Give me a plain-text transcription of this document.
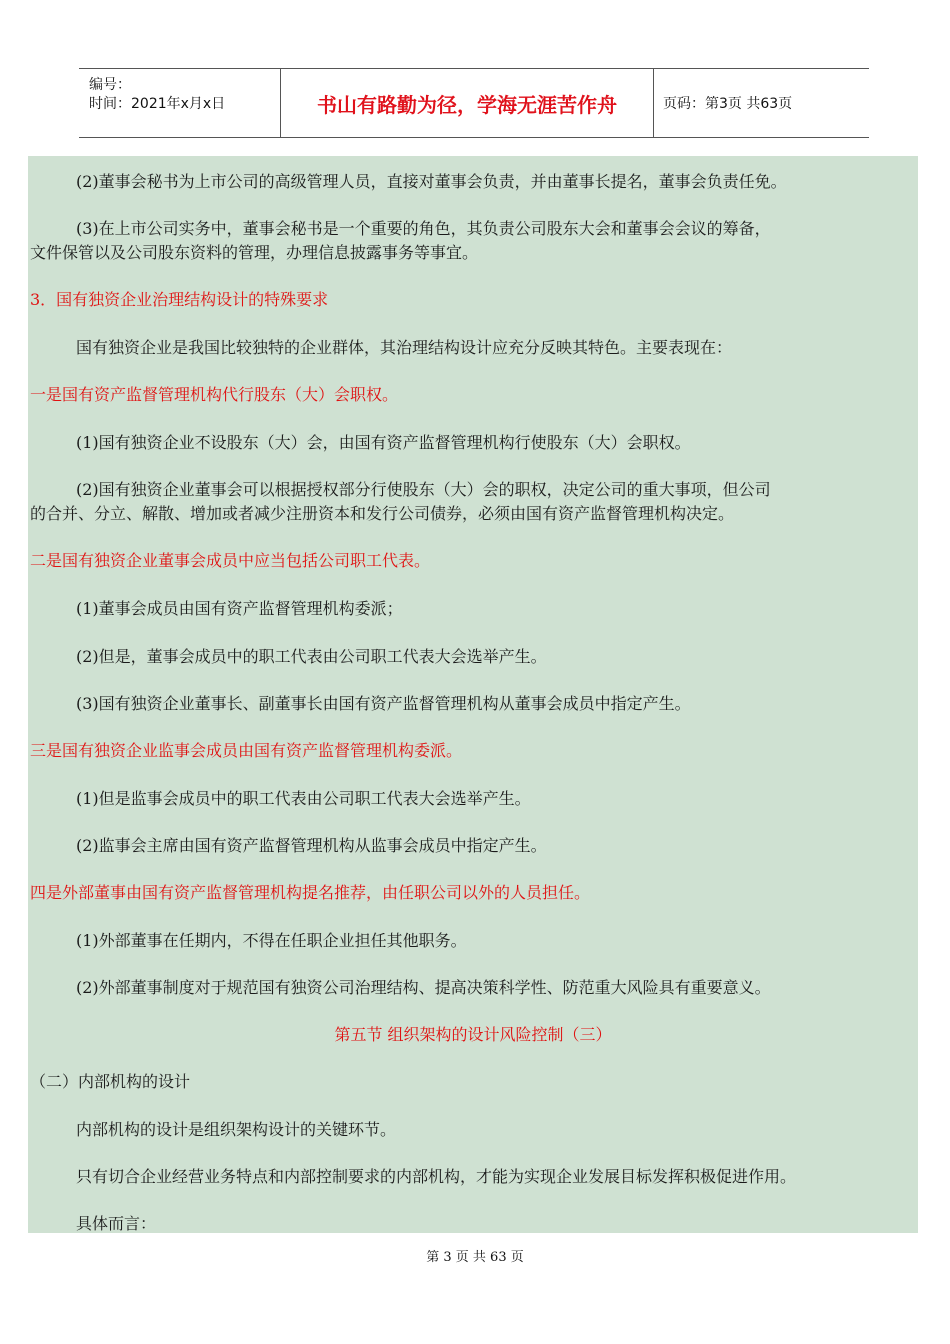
编号：
时间：2021年x月x日	书山有路勤为径，学海无涯苦作舟	页码：第3页 共63页
(2)董事会秘书为上市公司的高级管理人员，直接对董事会负责，并由董事长提名，董事会负责任免。
(3)在上市公司实务中，董事会秘书是一个重要的角色，其负责公司股东大会和董事会会议的筹备，
文件保管以及公司股东资料的管理，办理信息披露事务等事宜。
3．国有独资企业治理结构设计的特殊要求
国有独资企业是我国比较独特的企业群体，其治理结构设计应充分反映其特色。主要表现在：
一是国有资产监督管理机构代行股东（大）会职权。
(1)国有独资企业不设股东（大）会，由国有资产监督管理机构行使股东（大）会职权。
(2)国有独资企业董事会可以根据授权部分行使股东（大）会的职权，决定公司的重大事项，但公司
的合并、分立、解散、增加或者减少注册资本和发行公司债券，必须由国有资产监督管理机构决定。
二是国有独资企业董事会成员中应当包括公司职工代表。
(1)董事会成员由国有资产监督管理机构委派；
(2)但是，董事会成员中的职工代表由公司职工代表大会选举产生。
(3)国有独资企业董事长、副董事长由国有资产监督管理机构从董事会成员中指定产生。
三是国有独资企业监事会成员由国有资产监督管理机构委派。
(1)但是监事会成员中的职工代表由公司职工代表大会选举产生。
(2)监事会主席由国有资产监督管理机构从监事会成员中指定产生。
四是外部董事由国有资产监督管理机构提名推荐，由任职公司以外的人员担任。
(1)外部董事在任期内，不得在任职企业担任其他职务。
(2)外部董事制度对于规范国有独资公司治理结构、提高决策科学性、防范重大风险具有重要意义。
第五节 组织架构的设计风险控制（三）
（二）内部机构的设计
内部机构的设计是组织架构设计的关键环节。
只有切合企业经营业务特点和内部控制要求的内部机构，才能为实现企业发展目标发挥积极促进作用。
具体而言：
第 3 页 共 63 页
